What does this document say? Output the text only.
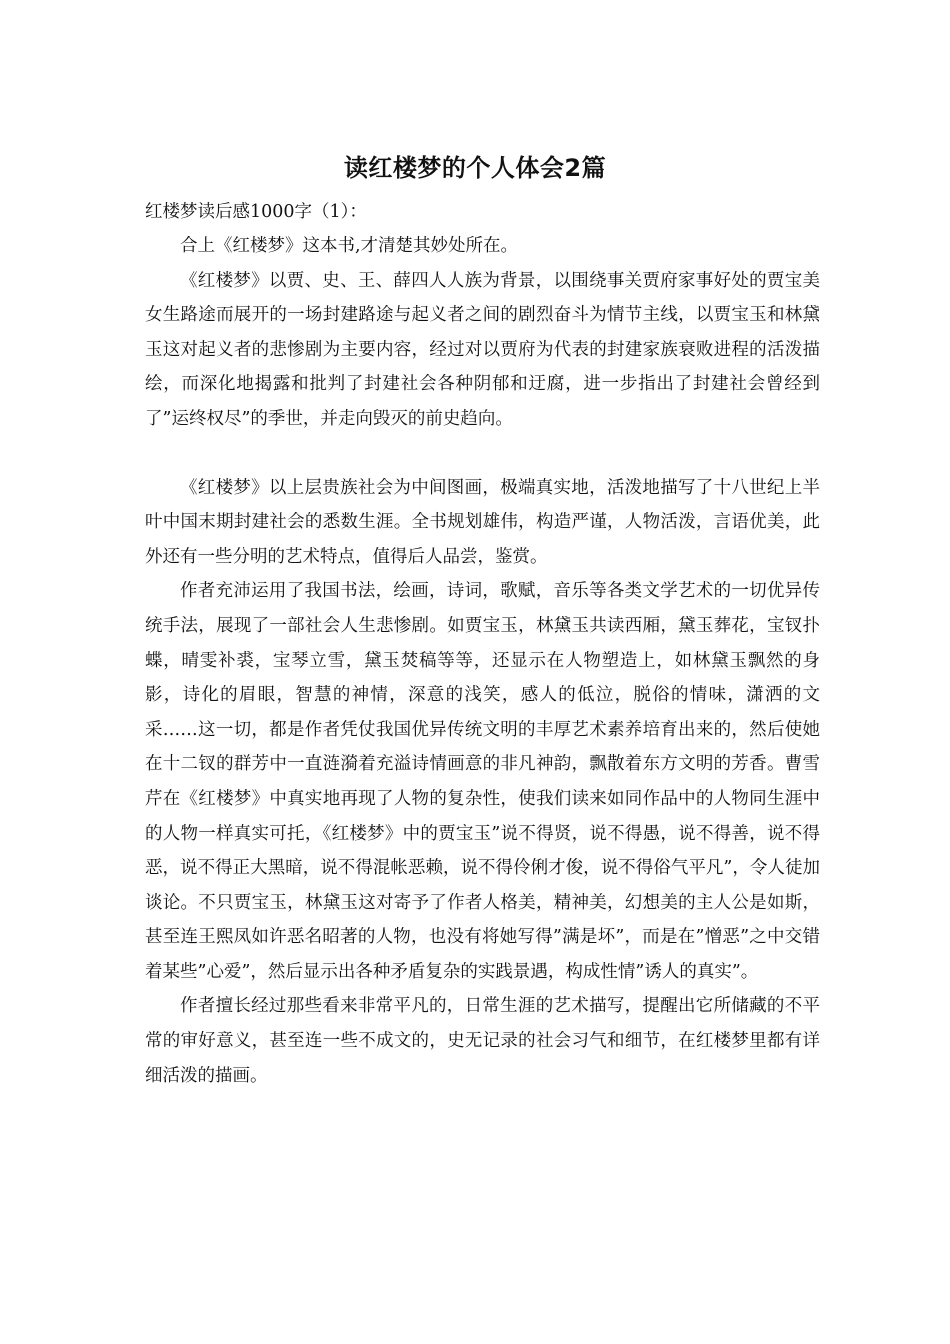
读红楼梦的个人体会2篇

红楼梦读后感1000字（1）：

合上《红楼梦》这本书,才清楚其妙处所在。

《红楼梦》以贾、史、王、薛四人人族为背景，以围绕事关贾府家事好处的贾宝美女生路途而展开的一场封建路途与起义者之间的剧烈奋斗为情节主线，以贾宝玉和林黛玉这对起义者的悲惨剧为主要内容，经过对以贾府为代表的封建家族衰败进程的活泼描绘，而深化地揭露和批判了封建社会各种阴郁和迂腐，进一步指出了封建社会曾经到了”运终权尽”的季世，并走向毁灭的前史趋向。

《红楼梦》以上层贵族社会为中间图画，极端真实地，活泼地描写了十八世纪上半叶中国末期封建社会的悉数生涯。全书规划雄伟，构造严谨，人物活泼，言语优美，此外还有一些分明的艺术特点，值得后人品尝，鉴赏。

作者充沛运用了我国书法，绘画，诗词，歌赋，音乐等各类文学艺术的一切优异传统手法，展现了一部社会人生悲惨剧。如贾宝玉，林黛玉共读西厢，黛玉葬花，宝钗扑蝶，晴雯补裘，宝琴立雪，黛玉焚稿等等，还显示在人物塑造上，如林黛玉飘然的身影，诗化的眉眼，智慧的神情，深意的浅笑，感人的低泣，脱俗的情味，潇洒的文采……这一切，都是作者凭仗我国优异传统文明的丰厚艺术素养培育出来的，然后使她在十二钗的群芳中一直涟漪着充溢诗情画意的非凡神韵，飘散着东方文明的芳香。曹雪芹在《红楼梦》中真实地再现了人物的复杂性，使我们读来如同作品中的人物同生涯中的人物一样真实可托，《红楼梦》中的贾宝玉”说不得贤，说不得愚，说不得善，说不得恶，说不得正大黑暗，说不得混帐恶赖，说不得伶俐才俊，说不得俗气平凡”，令人徒加谈论。不只贾宝玉，林黛玉这对寄予了作者人格美，精神美，幻想美的主人公是如斯，甚至连王熙凤如许恶名昭著的人物，也没有将她写得”满是坏”，而是在”憎恶”之中交错着某些”心爱”，然后显示出各种矛盾复杂的实践景遇，构成性情”诱人的真实”。

作者擅长经过那些看来非常平凡的，日常生涯的艺术描写，提醒出它所储藏的不平常的审好意义，甚至连一些不成文的，史无记录的社会习气和细节，在红楼梦里都有详细活泼的描画。
